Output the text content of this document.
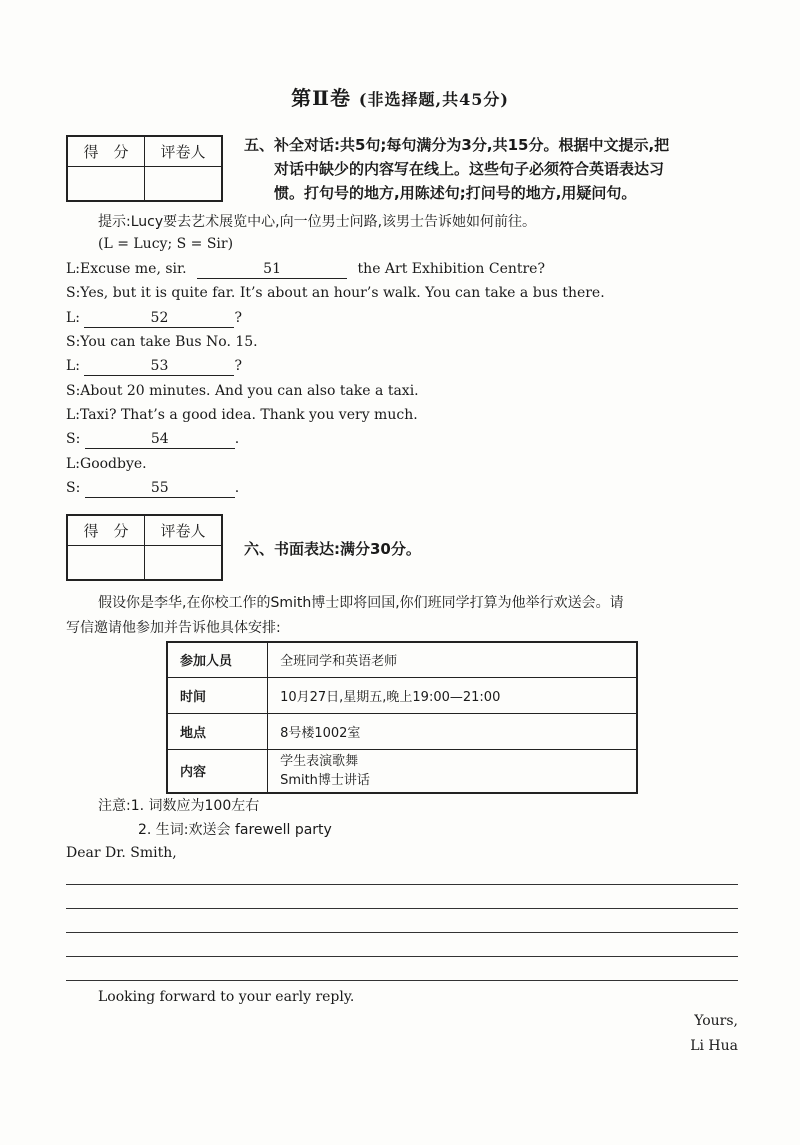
第Ⅱ卷 (非选择题,共45分)
得　分	评卷人
		五、补全对话:共5句;每句满分为3分,共15分。根据中文提示,把
对话中缺少的内容写在线上。这些句子必须符合英语表达习
惯。打句号的地方,用陈述句;打问号的地方,用疑问句。
提示:Lucy要去艺术展览中心,向一位男士问路,该男士告诉她如何前往。
(L = Lucy; S = Sir)
L:Excuse me, sir.	51	the Art Exhibition Centre?
S:Yes, but it is quite far. It’s about an hour’s walk. You can take a bus there.
L:	52	?
S:You can take Bus No. 15.
L:	53	?
S:About 20 minutes. And you can also take a taxi.
L:Taxi? That’s a good idea. Thank you very much.
S:	54	.
L:Goodbye.
S:	55	.
得　分	评卷人

六、书面表达:满分30分。
假设你是李华,在你校工作的Smith博士即将回国,你们班同学打算为他举行欢送会。请
写信邀请他参加并告诉他具体安排:
参加人员	全班同学和英语老师
时间	10月27日,星期五,晚上19:00—21:00
地点	8号楼1002室
内容	学生表演歌舞
Smith博士讲话
注意:1. 词数应为100左右
2. 生词:欢送会 farewell party
Dear Dr. Smith,
Looking forward to your early reply.
Yours,
Li Hua
